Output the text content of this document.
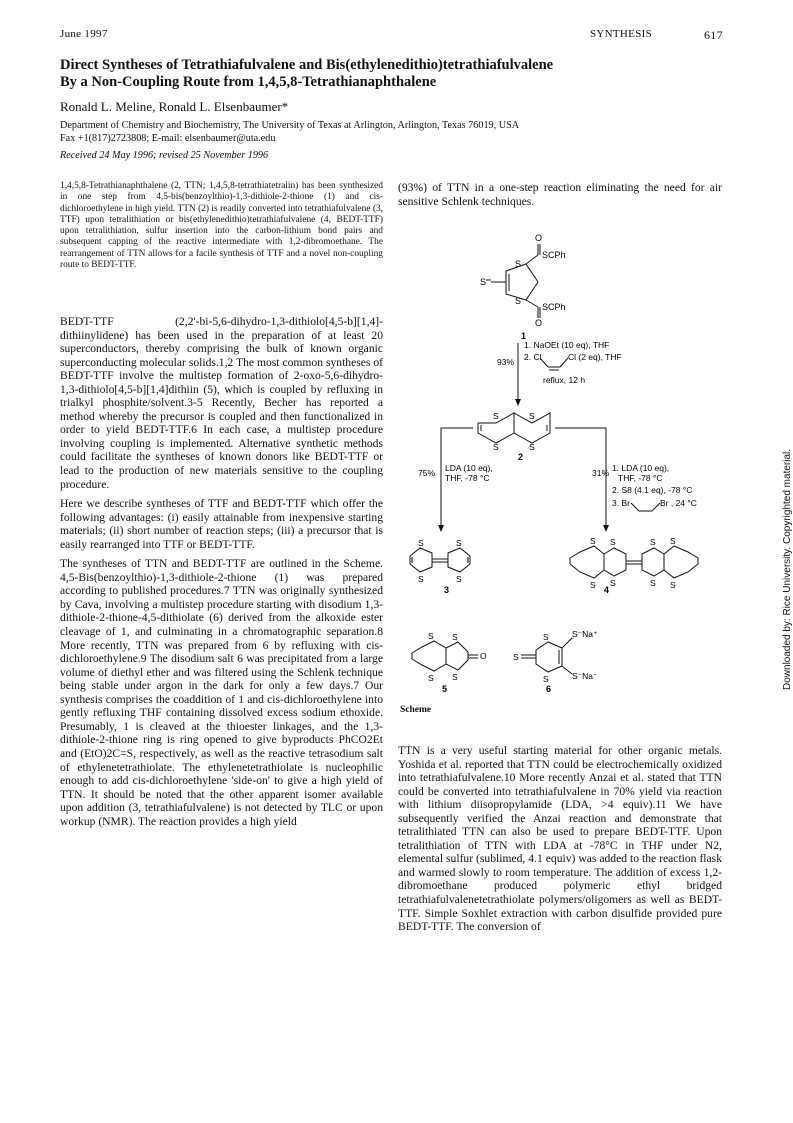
June 1997	SYNTHESIS	617
Direct Syntheses of Tetrathiafulvalene and Bis(ethylenedithio)tetrathiafulvalene
By a Non-Coupling Route from 1,4,5,8-Tetrathianaphthalene
Ronald L. Meline, Ronald L. Elsenbaumer*
Department of Chemistry and Biochemistry, The University of Texas at Arlington, Arlington, Texas 76019, USA
Fax +1(817)2723808; E-mail: elsenbaumer@uta.edu
Received 24 May 1996; revised 25 November 1996
1,4,5,8-Tetrathianaphthalene (2, TTN; 1,4,5,8-tetrathiatetralin) has been synthesized in one step from 4,5-bis(benzoylthio)-1,3-dithiole-2-thione (1) and cis-dichloroethylene in high yield. TTN (2) is readily converted into tetrathiafulvalene (3, TTF) upon tetralithiation or bis(ethylenedithio)tetrathiafulvalene (4, BEDT-TTF) upon tetralithiation, sulfur insertion into the carbon-lithium bond pairs and subsequent capping of the reactive intermediate with 1,2-dibromoethane. The rearrangement of TTN allows for a facile synthesis of TTF and a novel non-coupling route to BEDT-TTF.

BEDT-TTF (2,2'-bi-5,6-dihydro-1,3-dithiolo[4,5-b][1,4]-dithiinylidene) has been used in the preparation of at least 20 superconductors, thereby comprising the bulk of known organic superconducting molecular solids.1,2 The most common syntheses of BEDT-TTF involve the multistep formation of 2-oxo-5,6-dihydro-1,3-dithiolo[4,5-b][1,4]dithiin (5), which is coupled by refluxing in trialkyl phosphite/solvent.3-5 Recently, Becher has reported a method whereby the precursor is coupled and then functionalized in order to yield BEDT-TTF.6 In each case, a multistep procedure involving coupling is implemented. Alternative synthetic methods could facilitate the syntheses of known donors like BEDT-TTF or lead to the production of new materials sensitive to the coupling procedure.

Here we describe syntheses of TTF and BEDT-TTF which offer the following advantages: (i) easily attainable from inexpensive starting materials; (ii) short number of reaction steps; (iii) a precursor that is easily rearranged into TTF or BEDT-TTF.

The syntheses of TTN and BEDT-TTF are outlined in the Scheme. 4,5-Bis(benzoylthio)-1,3-dithiole-2-thione (1) was prepared according to published procedures.7 TTN was originally synthesized by Cava, involving a multistep procedure starting with disodium 1,3-dithiole-2-thione-4,5-dithiolate (6) derived from the alkoxide ester cleavage of 1, and culminating in a chromatographic separation.8 More recently, TTN was prepared from 6 by refluxing with cis-dichloroethylene.9 The disodium salt 6 was precipitated from a large volume of diethyl ether and was filtered using the Schlenk technique being stable under argon in the dark for only a few days.7 Our synthesis comprises the coaddition of 1 and cis-dichloroethylene into gently refluxing THF containing dissolved excess sodium ethoxide. Presumably, 1 is cleaved at the thioester linkages, and the 1,3-dithiole-2-thione ring is ring opened to give byproducts PhCO2Et and (EtO)2C=S, respectively, as well as the reactive tetrasodium salt of ethylenetetrathiolate. The ethylenetetrathiolate is nucleophilic enough to add cis-dichloroethylene 'side-on' to give a high yield of TTN. It should be noted that the other apparent isomer available upon addition (3, tetrathiafulvalene) is not detected by TLC or upon workup (NMR). The reaction provides a high yield

(93%) of TTN in a one-step reaction eliminating the need for air sensitive Schlenk techniques.

S
S
S
O
O
SCPh
SCPh
1
93%
1. NaOEt (10 eq), THF
2. Cl	Cl (2 eq), THF
reflux, 12 h
S	S
S	S
2
75% LDA (10 eq),
THF, -78 °C	31% 1. LDA (10 eq),
THF, -78 °C
2. S8 (4.1 eq), -78 °C
3. Br	Br , 24 °C
S
S
S
S
3
S S	S S
S S	S S
4
S S
S S
O
5
S
S
S
S⁻Na⁺
S⁻Na⁻
6
Scheme

TTN is a very useful starting material for other organic metals. Yoshida et al. reported that TTN could be electrochemically oxidized into tetrathiafulvalene.10 More recently Anzai et al. stated that TTN could be converted into tetrathiafulvalene in 70% yield via reaction with lithium diisopropylamide (LDA, >4 equiv).11 We have subsequently verified the Anzai reaction and demonstrate that tetralithiated TTN can also be used to prepare BEDT-TTF. Upon tetralithiation of TTN with LDA at -78°C in THF under N2, elemental sulfur (sublimed, 4.1 equiv) was added to the reaction flask and warmed slowly to room temperature. The addition of excess 1,2-dibromoethane produced polymeric ethyl bridged tetrathiafulvalenetetrathiolate polymers/oligomers as well as BEDT-TTF. Simple Soxhlet extraction with carbon disulfide provided pure BEDT-TTF. The conversion of

Downloaded by: Rice University. Copyrighted material.
